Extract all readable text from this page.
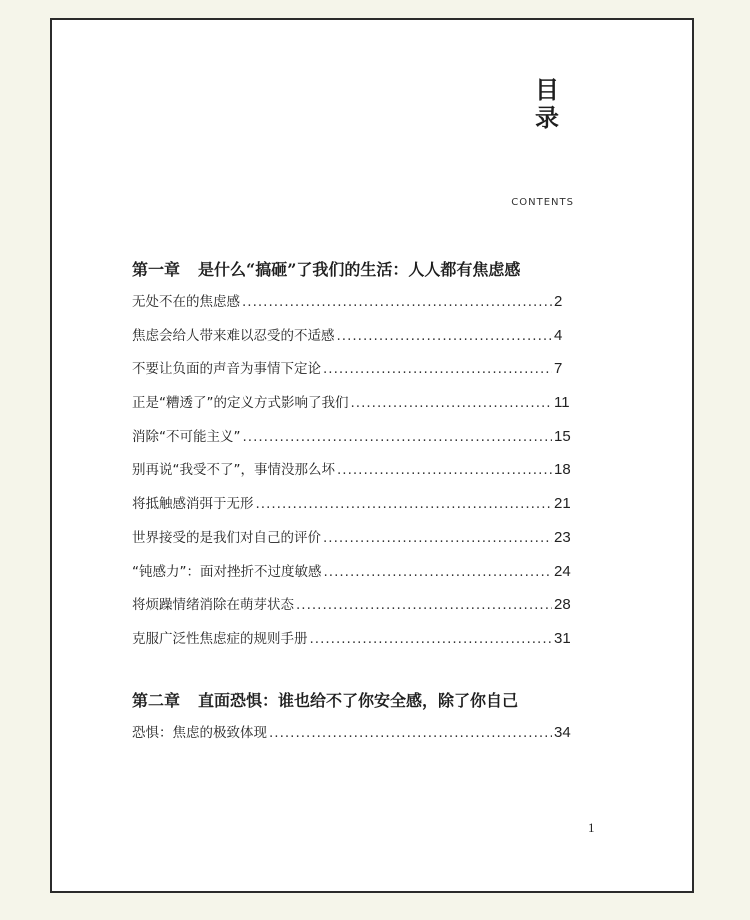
目
录
CONTENTS
第一章 是什么“搞砸”了我们的生活：人人都有焦虑感
无处不在的焦虑感 .....	2
焦虑会给人带来难以忍受的不适感 .....	4
不要让负面的声音为事情下定论 .....	7
正是“糟透了”的定义方式影响了我们 .....	11
消除“不可能主义” .....	15
别再说“我受不了”，事情没那么坏 .....	18
将抵触感消弭于无形 .....	21
世界接受的是我们对自己的评价 .....	23
“钝感力”：面对挫折不过度敏感 .....	24
将烦躁情绪消除在萌芽状态 .....	28
克服广泛性焦虑症的规则手册 .....	31
第二章 直面恐惧：谁也给不了你安全感，除了你自己
恐惧：焦虑的极致体现 .....	34
1
